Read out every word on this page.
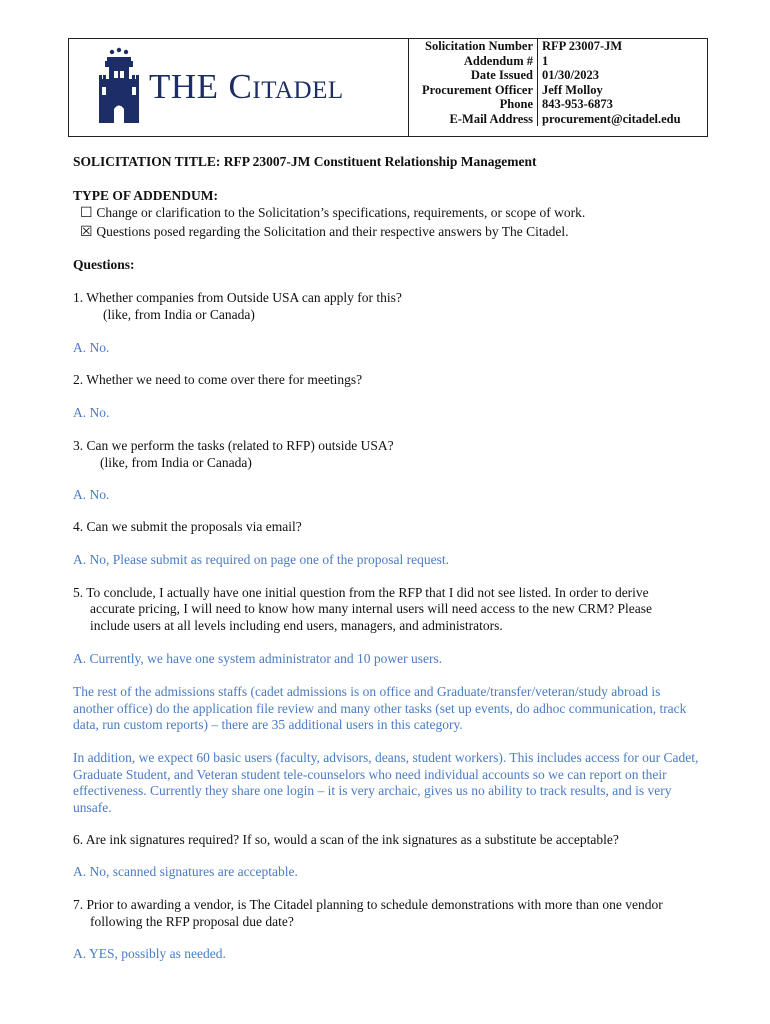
THE Citadel
Solicitation Number RFP 23007-JM
Addendum # 1
Date Issued 01/30/2023
Procurement Officer Jeff Molloy
Phone 843-953-6873
E-Mail Address procurement@citadel.edu
SOLICITATION TITLE: RFP 23007-JM Constituent Relationship Management
TYPE OF ADDENDUM:
☐ Change or clarification to the Solicitation’s specifications, requirements, or scope of work.
☒ Questions posed regarding the Solicitation and their respective answers by The Citadel.
Questions:
1. Whether companies from Outside USA can apply for this?
(like, from India or Canada)
A. No.
2. Whether we need to come over there for meetings?
A. No.
3. Can we perform the tasks (related to RFP) outside USA?
(like, from India or Canada)
A. No.
4. Can we submit the proposals via email?
A. No, Please submit as required on page one of the proposal request.
5. To conclude, I actually have one initial question from the RFP that I did not see listed. In order to derive
accurate pricing, I will need to know how many internal users will need access to the new CRM? Please
include users at all levels including end users, managers, and administrators.
A. Currently, we have one system administrator and 10 power users.
The rest of the admissions staffs (cadet admissions is on office and Graduate/transfer/veteran/study abroad is another office) do the application file review and many other tasks (set up events, do adhoc communication, track data, run custom reports) – there are 35 additional users in this category.
In addition, we expect 60 basic users (faculty, advisors, deans, student workers). This includes access for our Cadet, Graduate Student, and Veteran student tele-counselors who need individual accounts so we can report on their effectiveness. Currently they share one login – it is very archaic, gives us no ability to track results, and is very unsafe.
6. Are ink signatures required? If so, would a scan of the ink signatures as a substitute be acceptable?
A. No, scanned signatures are acceptable.
7. Prior to awarding a vendor, is The Citadel planning to schedule demonstrations with more than one vendor
following the RFP proposal due date?
A. YES, possibly as needed.
